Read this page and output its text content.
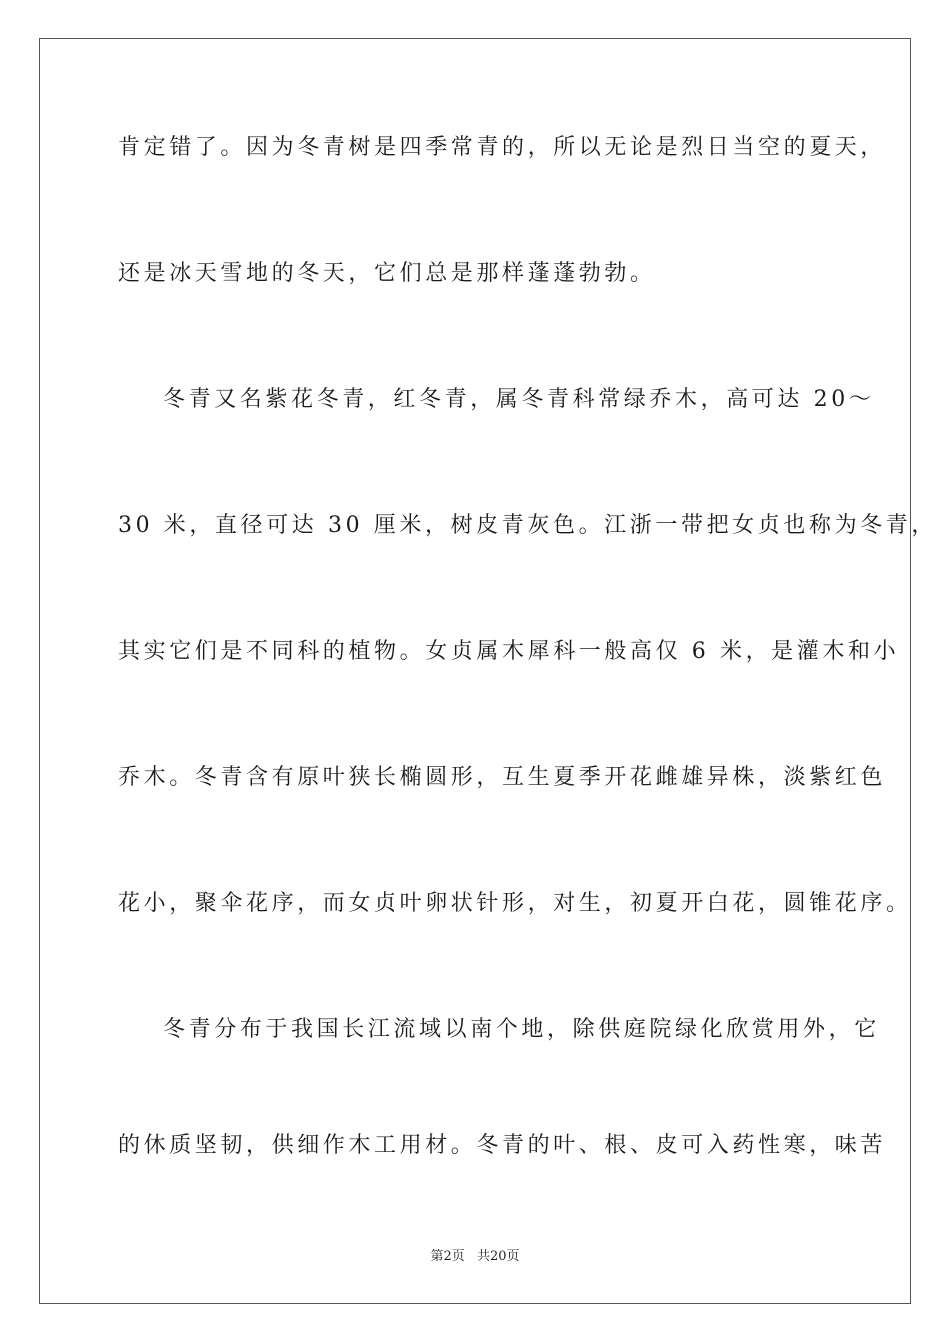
肯定错了。因为冬青树是四季常青的，所以无论是烈日当空的夏天，
还是冰天雪地的冬天，它们总是那样蓬蓬勃勃。
冬青又名紫花冬青，红冬青，属冬青科常绿乔木，高可达 20～
30 米，直径可达 30 厘米，树皮青灰色。江浙一带把女贞也称为冬青，
其实它们是不同科的植物。女贞属木犀科一般高仅 6 米，是灌木和小
乔木。冬青含有原叶狭长椭圆形，互生夏季开花雌雄异株，淡紫红色
花小，聚伞花序，而女贞叶卵状针形，对生，初夏开白花，圆锥花序。
冬青分布于我国长江流域以南个地，除供庭院绿化欣赏用外，它
的休质坚韧，供细作木工用材。冬青的叶、根、皮可入药性寒，味苦
第2页 共20页
